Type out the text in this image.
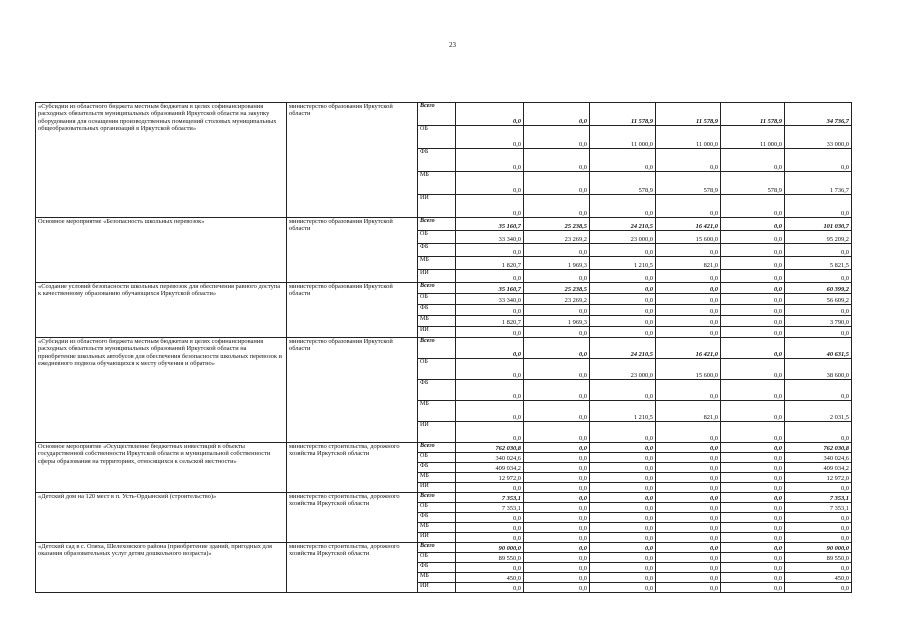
23
«Субсидии из областного бюджета местным бюджетам в целях софинансирования расходных обязательств муниципальных образований Иркутской области на закупку оборудования для оснащения производственных помещений столовых муниципальных общеобразовательных организаций в Иркутской области»	министерство образования Иркутской области	Всего	0,0	0,0	11 578,9	11 578,9	11 578,9	34 736,7
		ОБ	0,0	0,0	11 000,0	11 000,0	11 000,0	33 000,0
		ФБ	0,0	0,0	0,0	0,0	0,0	0,0
		МБ	0,0	0,0	578,9	578,9	578,9	1 736,7
		ИИ	0,0	0,0	0,0	0,0	0,0	0,0
Основное мероприятие «Безопасность школьных перевозок»	министерство образования Иркутской области	Всего	35 160,7	25 238,5	24 210,5	16 421,0	0,0	101 030,7
		ОБ	33 340,0	23 269,2	23 000,0	15 600,0	0,0	95 209,2
		ФБ	0,0	0,0	0,0	0,0	0,0	0,0
		МБ	1 820,7	1 969,3	1 210,5	821,0	0,0	5 821,5
		ИИ	0,0	0,0	0,0	0,0	0,0	0,0
«Создание условий безопасности школьных перевозок для обеспечения равного доступа к качественному образованию обучающихся Иркутской области»	министерство образования Иркутской области	Всего	35 160,7	25 238,5	0,0	0,0	0,0	60 399,2
		ОБ	33 340,0	23 269,2	0,0	0,0	0,0	56 609,2
		ФБ	0,0	0,0	0,0	0,0	0,0	0,0
		МБ	1 820,7	1 969,3	0,0	0,0	0,0	3 790,0
		ИИ	0,0	0,0	0,0	0,0	0,0	0,0
«Субсидии из областного бюджета местным бюджетам в целях софинансирования расходных обязательств муниципальных образований Иркутской области на приобретение школьных автобусов для обеспечения безопасности школьных перевозок и ежедневного подвоза обучающихся к месту обучения и обратно»	министерство образования Иркутской области	Всего	0,0	0,0	24 210,5	16 421,0	0,0	40 631,5
		ОБ	0,0	0,0	23 000,0	15 600,0	0,0	38 600,0
		ФБ	0,0	0,0	0,0	0,0	0,0	0,0
		МБ	0,0	0,0	1 210,5	821,0	0,0	2 031,5
		ИИ	0,0	0,0	0,0	0,0	0,0	0,0
Основное мероприятие «Осуществление бюджетных инвестиций в объекты государственной собственности Иркутской области и муниципальной собственности сферы образования на территориях, относящихся к сельской местности»	министерство строительства, дорожного хозяйства Иркутской области	Всего	762 030,8	0,0	0,0	0,0	0,0	762 030,8
		ОБ	340 024,6	0,0	0,0	0,0	0,0	340 024,6
		ФБ	409 034,2	0,0	0,0	0,0	0,0	409 034,2
		МБ	12 972,0	0,0	0,0	0,0	0,0	12 972,0
		ИИ	0,0	0,0	0,0	0,0	0,0	0,0
«Детский дом на 120 мест в п. Усть-Ордынский (строительство)»	министерство строительства, дорожного хозяйства Иркутской области	Всего	7 353,1	0,0	0,0	0,0	0,0	7 353,1
		ОБ	7 353,1	0,0	0,0	0,0	0,0	7 353,1
		ФБ	0,0	0,0	0,0	0,0	0,0	0,0
		МБ	0,0	0,0	0,0	0,0	0,0	0,0
		ИИ	0,0	0,0	0,0	0,0	0,0	0,0
«Детский сад в с. Оляха, Шелеховского района (приобретение зданий, пригодных для оказания образовательных услуг детям дошкольного возраста)»	министерство строительства, дорожного хозяйства Иркутской области	Всего	90 000,0	0,0	0,0	0,0	0,0	90 000,0
		ОБ	89 550,0	0,0	0,0	0,0	0,0	89 550,0
		ФБ	0,0	0,0	0,0	0,0	0,0	0,0
		МБ	450,0	0,0	0,0	0,0	0,0	450,0
		ИИ	0,0	0,0	0,0	0,0	0,0	0,0
